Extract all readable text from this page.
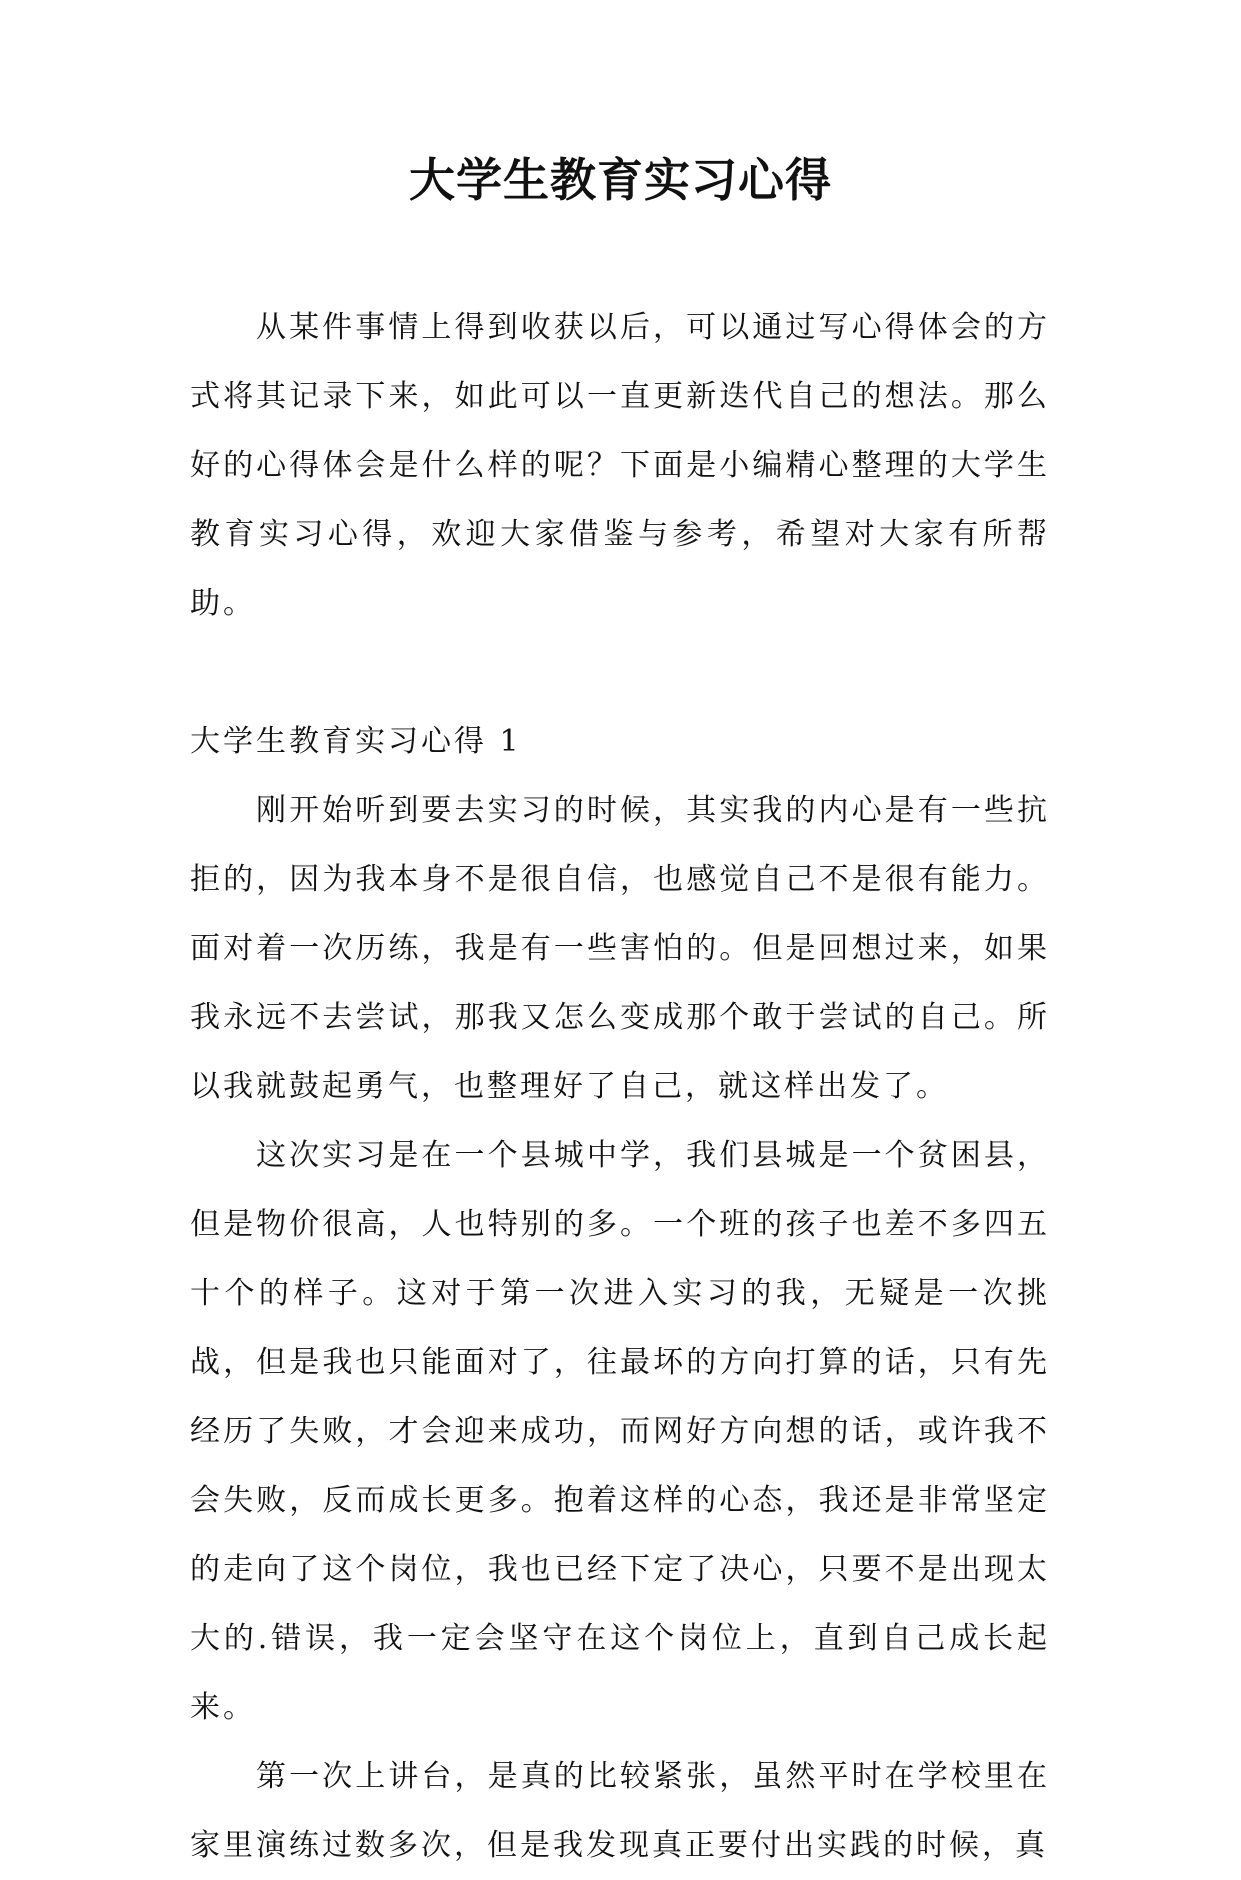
大学生教育实习心得

从某件事情上得到收获以后，可以通过写心得体会的方式将其记录下来，如此可以一直更新迭代自己的想法。那么好的心得体会是什么样的呢？下面是小编精心整理的大学生教育实习心得，欢迎大家借鉴与参考，希望对大家有所帮助。

大学生教育实习心得 1

刚开始听到要去实习的时候，其实我的内心是有一些抗拒的，因为我本身不是很自信，也感觉自己不是很有能力。面对着一次历练，我是有一些害怕的。但是回想过来，如果我永远不去尝试，那我又怎么变成那个敢于尝试的自己。所以我就鼓起勇气，也整理好了自己，就这样出发了。

这次实习是在一个县城中学，我们县城是一个贫困县，但是物价很高，人也特别的多。一个班的孩子也差不多四五十个的样子。这对于第一次进入实习的我，无疑是一次挑战，但是我也只能面对了，往最坏的方向打算的话，只有先经历了失败，才会迎来成功，而网好方向想的话，或许我不会失败，反而成长更多。抱着这样的心态，我还是非常坚定的走向了这个岗位，我也已经下定了决心，只要不是出现太大的.错误，我一定会坚守在这个岗位上，直到自己成长起来。

第一次上讲台，是真的比较紧张，虽然平时在学校里在家里演练过数多次，但是我发现真正要付出实践的时候，真
